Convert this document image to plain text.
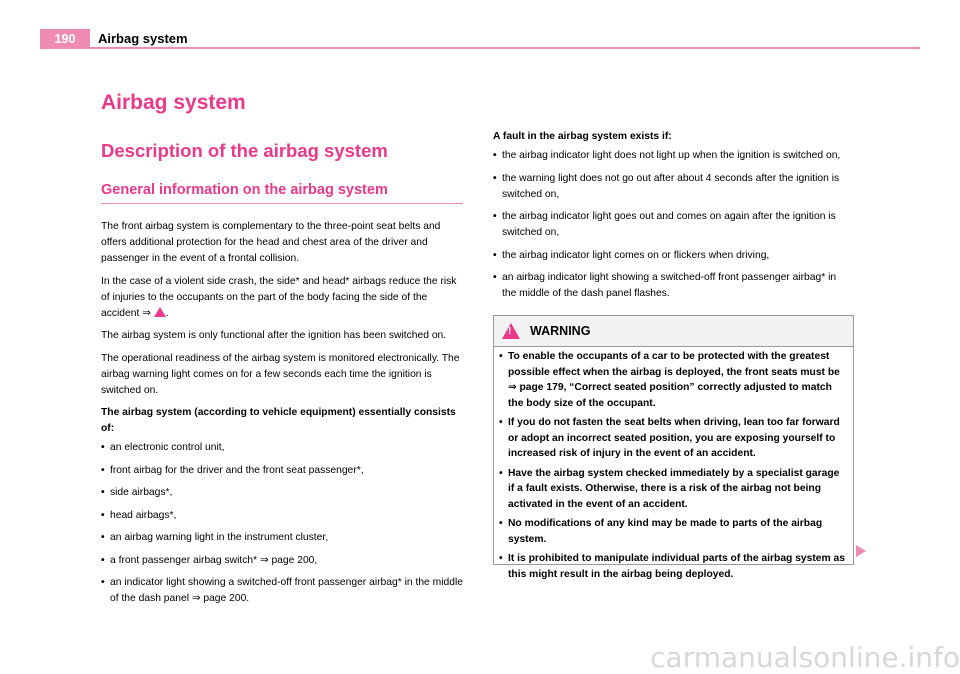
190	Airbag system
Airbag system
Description of the airbag system
General information on the airbag system

The front airbag system is complementary to the three-point seat belts and offers additional protection for the head and chest area of the driver and passenger in the event of a frontal collision.

In the case of a violent side crash, the side* and head* airbags reduce the risk of injuries to the occupants on the part of the body facing the side of the accident ⇒ .

The airbag system is only functional after the ignition has been switched on.

The operational readiness of the airbag system is monitored electronically. The airbag warning light comes on for a few seconds each time the ignition is switched on.

The airbag system (according to vehicle equipment) essentially consists of:

• an electronic control unit,
• front airbag for the driver and the front seat passenger*,
• side airbags*,
• head airbags*,
• an airbag warning light in the instrument cluster,
• a front passenger airbag switch* ⇒ page 200,
• an indicator light showing a switched-off front passenger airbag* in the middle of the dash panel ⇒ page 200.

A fault in the airbag system exists if:

• the airbag indicator light does not light up when the ignition is switched on,
• the warning light does not go out after about 4 seconds after the ignition is switched on,
• the airbag indicator light goes out and comes on again after the ignition is switched on,
• the airbag indicator light comes on or flickers when driving,
• an airbag indicator light showing a switched-off front passenger airbag* in the middle of the dash panel flashes.
! WARNING
• To enable the occupants of a car to be protected with the greatest possible effect when the airbag is deployed, the front seats must be ⇒ page 179, “Correct seated position” correctly adjusted to match the body size of the occupant.
• If you do not fasten the seat belts when driving, lean too far forward or adopt an incorrect seated position, you are exposing yourself to increased risk of injury in the event of an accident.
• Have the airbag system checked immediately by a specialist garage if a fault exists. Otherwise, there is a risk of the airbag not being activated in the event of an accident.
• No modifications of any kind may be made to parts of the airbag system.
• It is prohibited to manipulate individual parts of the airbag system as this might result in the airbag being deployed.
carmanualsonline.info
